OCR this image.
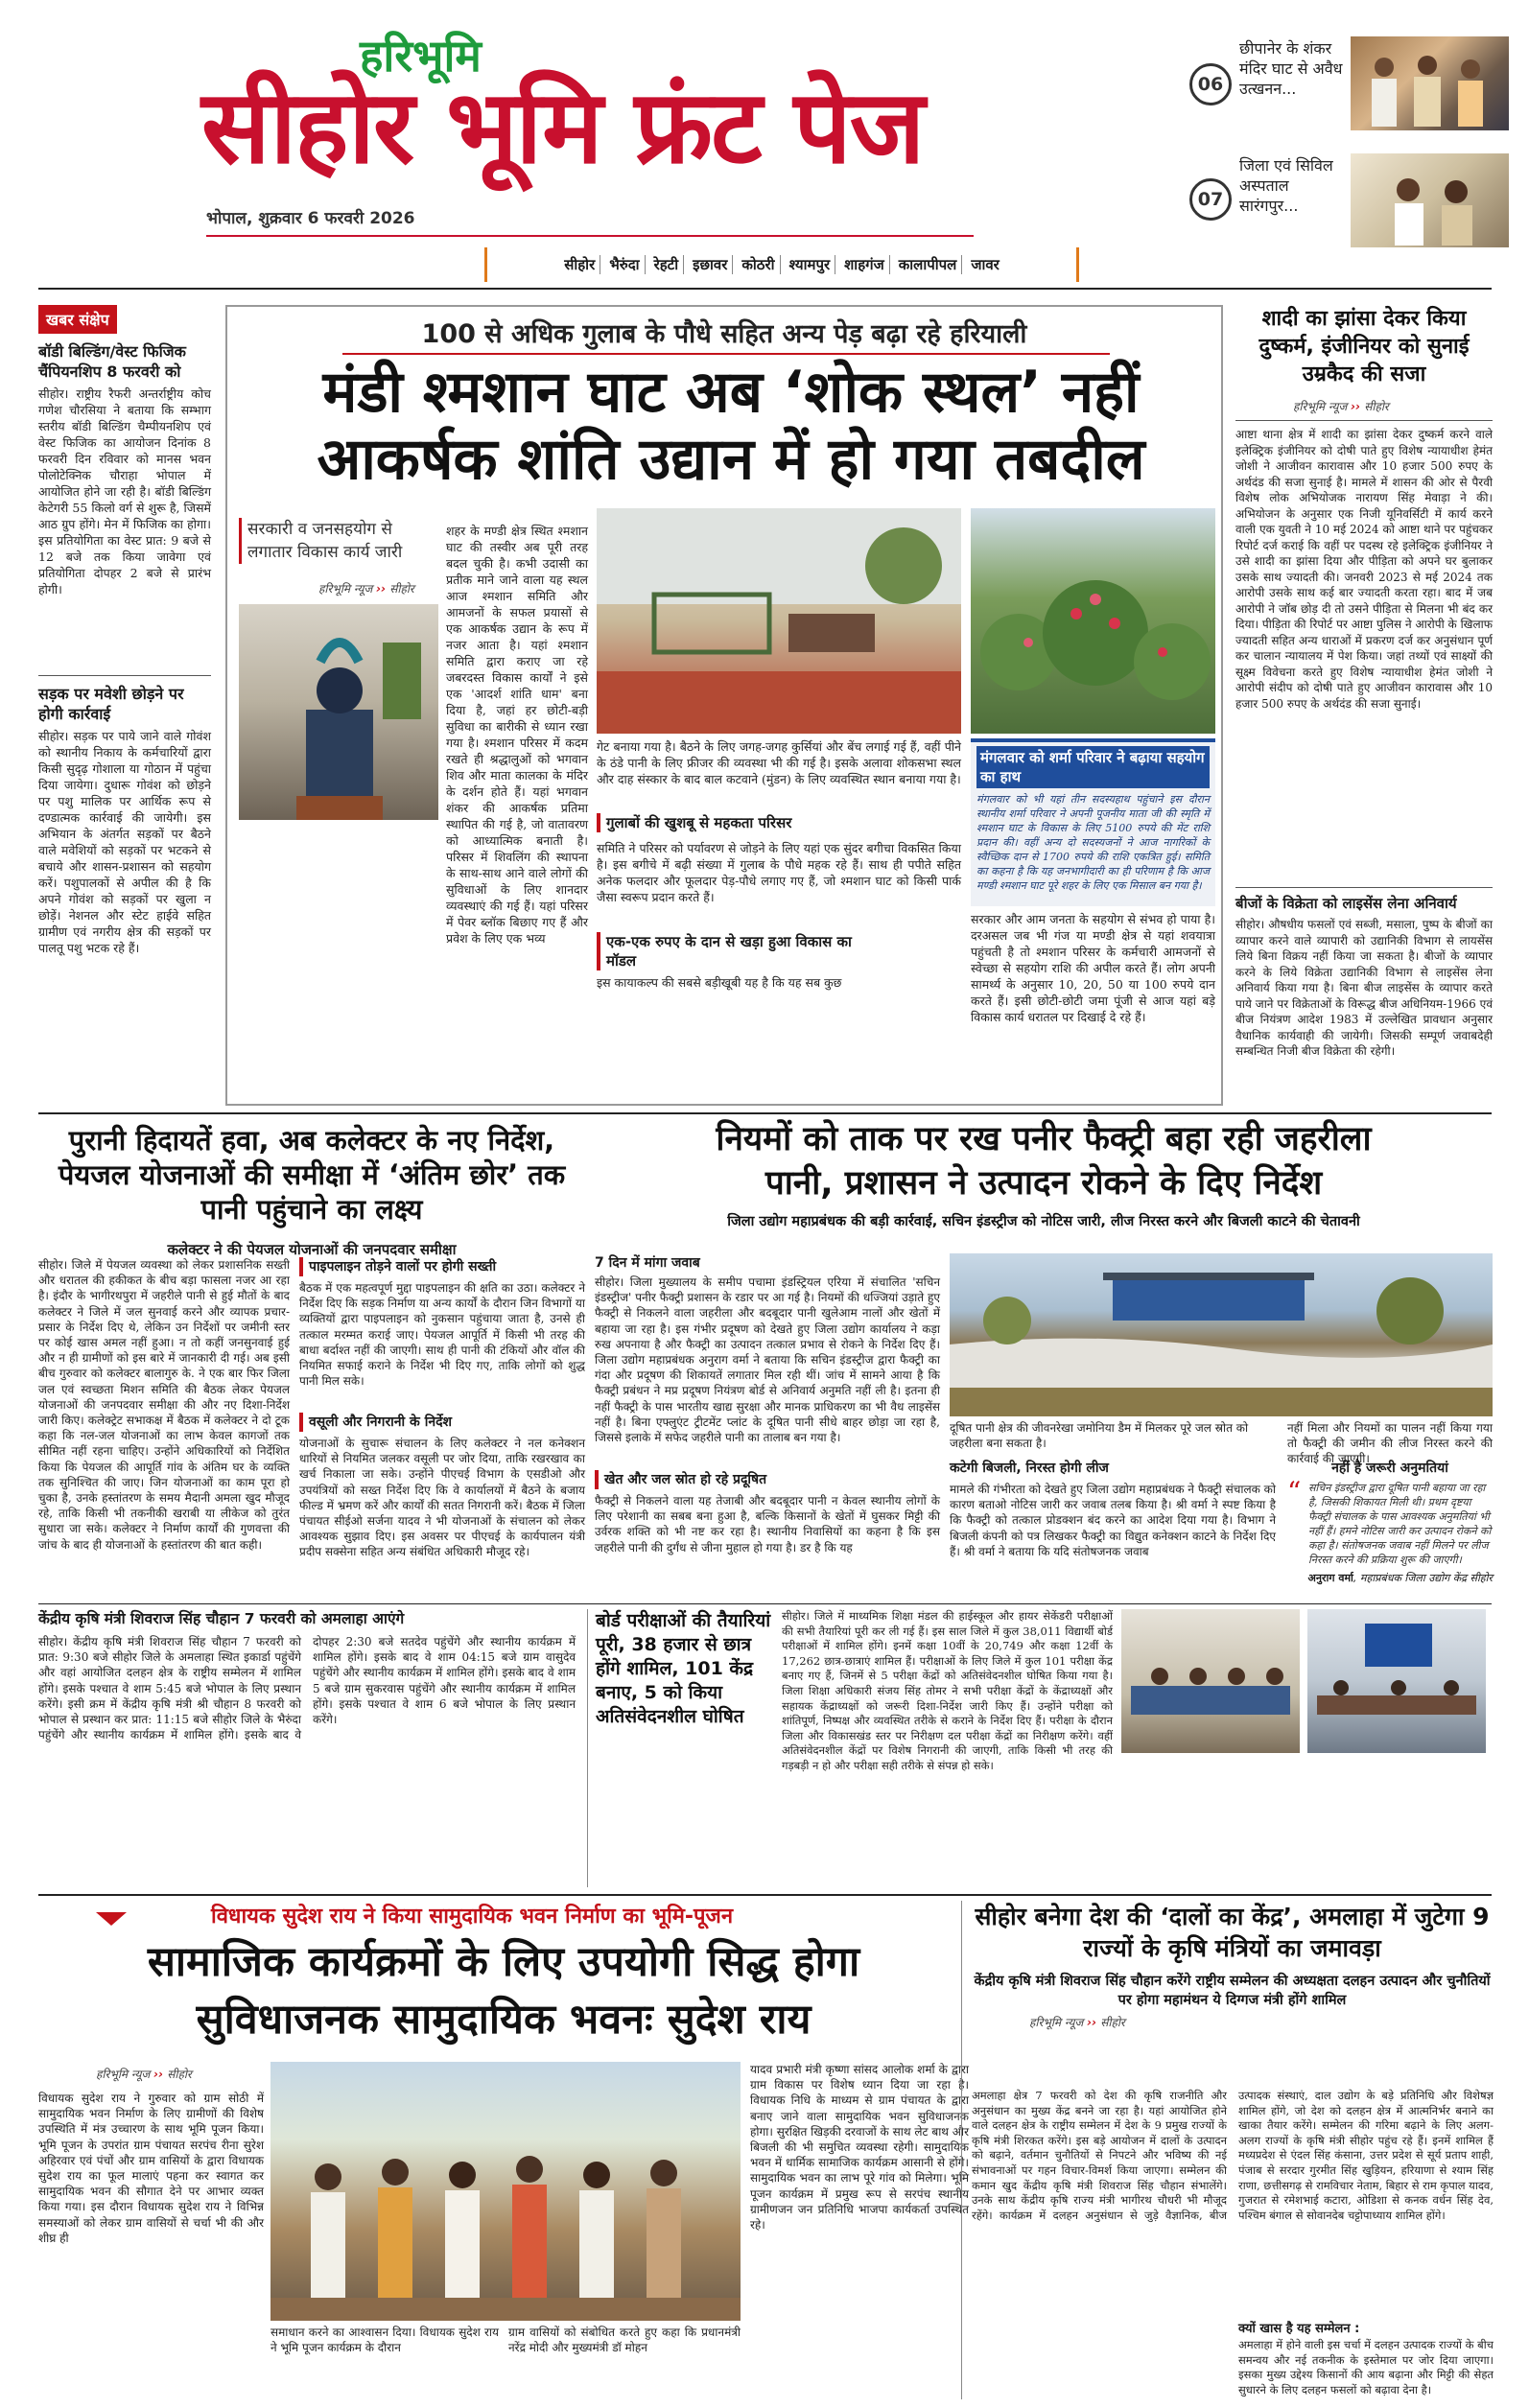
हरिभूमि
सीहोर भूमि फ्रंट पेज
भोपाल, शुक्रवार 6 फरवरी 2026
06
छीपानेर के शंकर मंदिर घाट से अवैध उत्खनन...
07
जिला एवं सिविल अस्पताल सारंगपुर...
सीहोर	भैरुंदा	रेहटी	इछावर	कोठरी	श्यामपुर	शाहगंज	कालापीपल	जावर
खबर संक्षेप
बॉडी बिल्डिंग/वेस्ट फिजिक चैंपियनशिप 8 फरवरी को
सीहोर। राष्ट्रीय रैफरी अन्तर्राष्ट्रीय कोच गणेश चौरसिया ने बताया कि सम्भाग स्तरीय बॉडी बिल्डिंग चैम्पीयनशिप एवं वेस्ट फिजिक का आयोजन दिनांक 8 फरवरी दिन रविवार को मानस भवन पोलोटेक्निक चौराहा भोपाल में आयोजित होने जा रही है। बॉडी बिल्डिंग केटेगरी 55 किलो वर्ग से शुरू है, जिसमें आठ ग्रुप होंगे। मेन में फिजिक का होगा। इस प्रतियोगिता का वेस्ट प्रात: 9 बजे से 12 बजे तक किया जावेगा एवं प्रतियोगिता दोपहर 2 बजे से प्रारंभ होगी।
सड़क पर मवेशी छोड़ने पर होगी कार्रवाई
सीहोर। सड़क पर पाये जाने वाले गोवंश को स्थानीय निकाय के कर्मचारियों द्वारा किसी सुदृढ़ गोशाला या गोठान में पहुंचा दिया जायेगा। दुधारू गोवंश को छोड़ने पर पशु मालिक पर आर्थिक रूप से दण्डात्मक कार्रवाई की जायेगी। इस अभियान के अंतर्गत सड़कों पर बैठने वाले मवेशियों को सड़कों पर भटकने से बचाये और शासन-प्रशासन को सहयोग करें। पशुपालकों से अपील की है कि अपने गोवंश को सड़कों पर खुला न छोड़ें। नेशनल और स्टेट हाईवे सहित ग्रामीण एवं नगरीय क्षेत्र की सड़कों पर पालतू पशु भटक रहे हैं।
100 से अधिक गुलाब के पौधे सहित अन्य पेड़ बढ़ा रहे हरियाली
मंडी श्मशान घाट अब ‘शोक स्थल’ नहीं
आकर्षक शांति उद्यान में हो गया तबदील
सरकारी व जनसहयोग से लगातार विकास कार्य जारी
हरिभूमि न्यूज ›› सीहोर
शहर के मण्डी क्षेत्र स्थित श्मशान घाट की तस्वीर अब पूरी तरह बदल चुकी है। कभी उदासी का प्रतीक माने जाने वाला यह स्थल आज श्मशान समिति और आमजनों के सफल प्रयासों से एक आकर्षक उद्यान के रूप में नजर आता है। यहां श्मशान समिति द्वारा कराए जा रहे जबरदस्त विकास कार्यों ने इसे एक 'आदर्श शांति धाम' बना दिया है, जहां हर छोटी-बड़ी सुविधा का बारीकी से ध्यान रखा गया है। श्मशान परिसर में कदम रखते ही श्रद्धालुओं को भगवान शिव और माता कालका के मंदिर के दर्शन होते हैं। यहां भगवान शंकर की आकर्षक प्रतिमा स्थापित की गई है, जो वातावरण को आध्यात्मिक बनाती है। परिसर में शिवलिंग की स्थापना के साथ-साथ आने वाले लोगों की सुविधाओं के लिए शानदार व्यवस्थाएं की गई हैं। यहां परिसर में पेवर ब्लॉक बिछाए गए हैं और प्रवेश के लिए एक भव्य
गेट बनाया गया है। बैठने के लिए जगह-जगह कुर्सियां और बेंच लगाई गई हैं, वहीं पीने के ठंडे पानी के लिए फ्रीजर की व्यवस्था भी की गई है। इसके अलावा शोकसभा स्थल और दाह संस्कार के बाद बाल कटवाने (मुंडन) के लिए व्यवस्थित स्थान बनाया गया है।
गुलाबों की खुशबू से महकता परिसर
समिति ने परिसर को पर्यावरण से जोड़ने के लिए यहां एक सुंदर बगीचा विकसित किया है। इस बगीचे में बढ़ी संख्या में गुलाब के पौधे महक रहे हैं। साथ ही पपीते सहित अनेक फलदार और फूलदार पेड़-पौधे लगाए गए हैं, जो श्मशान घाट को किसी पार्क जैसा स्वरूप प्रदान करते हैं।
एक-एक रुपए के दान से खड़ा हुआ विकास का मॉडल
इस कायाकल्प की सबसे बड़ीखूबी यह है कि यह सब कुछ
मंगलवार को शर्मा परिवार ने बढ़ाया सहयोग का हाथ
मंगलवार को भी यहां तीन सदस्यहाथ पहुंचाने इस दौरान स्थानीय शर्मा परिवार ने अपनी पूजनीय माता जी की स्मृति में श्मशान घाट के विकास के लिए 5100 रुपये की मेंट राशि प्रदान की। वहीं अन्य दो सदस्यजनों ने आज नागरिकों के स्वैच्छिक दान से 1700 रुपये की राशि एकत्रित हुई। समिति का कहना है कि यह जनभागीदारी का ही परिणाम है कि आज मण्डी श्मशान घाट पूरे शहर के लिए एक मिसाल बन गया है।
सरकार और आम जनता के सहयोग से संभव हो पाया है। दरअसल जब भी गंज या मण्डी क्षेत्र से यहां शवयात्रा पहुंचती है तो श्मशान परिसर के कर्मचारी आमजनों से स्वेच्छा से सहयोग राशि की अपील करते हैं। लोग अपनी सामर्थ्य के अनुसार 10, 20, 50 या 100 रुपये दान करते हैं। इसी छोटी-छोटी जमा पूंजी से आज यहां बड़े विकास कार्य धरातल पर दिखाई दे रहे हैं।
शादी का झांसा देकर किया दुष्कर्म, इंजीनियर को सुनाई उम्रकैद की सजा
हरिभूमि न्यूज ›› सीहोर
आष्टा थाना क्षेत्र में शादी का झांसा देकर दुष्कर्म करने वाले इलेक्ट्रिक इंजीनियर को दोषी पाते हुए विशेष न्यायाधीश हेमंत जोशी ने आजीवन कारावास और 10 हजार 500 रुपए के अर्थदंड की सजा सुनाई है। मामले में शासन की ओर से पैरवी विशेष लोक अभियोजक नारायण सिंह मेवाड़ा ने की। अभियोजन के अनुसार एक निजी यूनिवर्सिटी में कार्य करने वाली एक युवती ने 10 मई 2024 को आष्टा थाने पर पहुंचकर रिपोर्ट दर्ज कराई कि वहीं पर पदस्थ रहे इलेक्ट्रिक इंजीनियर ने उसे शादी का झांसा दिया और पीड़िता को अपने घर बुलाकर उसके साथ ज्यादती की। जनवरी 2023 से मई 2024 तक आरोपी उसके साथ कई बार ज्यादती करता रहा। बाद में जब आरोपी ने जॉब छोड़ दी तो उसने पीड़िता से मिलना भी बंद कर दिया। पीड़िता की रिपोर्ट पर आष्टा पुलिस ने आरोपी के खिलाफ ज्यादती सहित अन्य धाराओं में प्रकरण दर्ज कर अनुसंधान पूर्ण कर चालान न्यायालय में पेश किया। जहां तथ्यों एवं साक्ष्यों की सूक्ष्म विवेचना करते हुए विशेष न्यायाधीश हेमंत जोशी ने आरोपी संदीप को दोषी पाते हुए आजीवन कारावास और 10 हजार 500 रुपए के अर्थदंड की सजा सुनाई।
बीजों के विक्रेता को लाइसेंस लेना अनिवार्य
सीहोर। औषधीय फसलों एवं सब्जी, मसाला, पुष्प के बीजों का व्यापार करने वाले व्यापारी को उद्यानिकी विभाग से लायसेंस लिये बिना विक्रय नहीं किया जा सकता है। बीजों के व्यापार करने के लिये विक्रेता उद्यानिकी विभाग से लाइसेंस लेना अनिवार्य किया गया है। बिना बीज लाइसेंस के व्यापार करते पाये जाने पर विक्रेताओं के विरूद्ध बीज अधिनियम-1966 एवं बीज नियंत्रण आदेश 1983 में उल्लेखित प्रावधान अनुसार वैधानिक कार्यवाही की जायेगी। जिसकी सम्पूर्ण जवाबदेही सम्बन्धित निजी बीज विक्रेता की रहेगी।
पुरानी हिदायतें हवा, अब कलेक्टर के नए निर्देश, पेयजल योजनाओं की समीक्षा में ‘अंतिम छोर’ तक पानी पहुंचाने का लक्ष्य
कलेक्टर ने की पेयजल योजनाओं की जनपदवार समीक्षा
सीहोर। जिले में पेयजल व्यवस्था को लेकर प्रशासनिक सख्ती और धरातल की हकीकत के बीच बड़ा फासला नजर आ रहा है। इंदौर के भागीरथपुरा में जहरीले पानी से हुई मौतों के बाद कलेक्टर ने जिले में जल सुनवाई करने और व्यापक प्रचार-प्रसार के निर्देश दिए थे, लेकिन उन निर्देशों पर जमीनी स्तर पर कोई खास अमल नहीं हुआ। न तो कहीं जनसुनवाई हुई और न ही ग्रामीणों को इस बारे में जानकारी दी गई। अब इसी बीच गुरुवार को कलेक्टर बालागुरु के. ने एक बार फिर जिला जल एवं स्वच्छता मिशन समिति की बैठक लेकर पेयजल योजनाओं की जनपदवार समीक्षा की और नए दिशा-निर्देश जारी किए। कलेक्ट्रेट सभाकक्ष में बैठक में कलेक्टर ने दो टूक कहा कि नल-जल योजनाओं का लाभ केवल कागजों तक सीमित नहीं रहना चाहिए। उन्होंने अधिकारियों को निर्देशित किया कि पेयजल की आपूर्ति गांव के अंतिम घर के व्यक्ति तक सुनिश्चित की जाए। जिन योजनाओं का काम पूरा हो चुका है, उनके हस्तांतरण के समय मैदानी अमला खुद मौजूद रहे, ताकि किसी भी तकनीकी खराबी या लीकेज को तुरंत सुधारा जा सके। कलेक्टर ने निर्माण कार्यों की गुणवत्ता की जांच के बाद ही योजनाओं के हस्तांतरण की बात कही।
पाइपलाइन तोड़ने वालों पर होगी सख्ती
बैठक में एक महत्वपूर्ण मुद्दा पाइपलाइन की क्षति का उठा। कलेक्टर ने निर्देश दिए कि सड़क निर्माण या अन्य कार्यों के दौरान जिन विभागों या व्यक्तियों द्वारा पाइपलाइन को नुकसान पहुंचाया जाता है, उनसे ही तत्काल मरम्मत कराई जाए। पेयजल आपूर्ति में किसी भी तरह की बाधा बर्दाश्त नहीं की जाएगी। साथ ही पानी की टंकियों और वॉल की नियमित सफाई कराने के निर्देश भी दिए गए, ताकि लोगों को शुद्ध पानी मिल सके।
वसूली और निगरानी के निर्देश
योजनाओं के सुचारू संचालन के लिए कलेक्टर ने नल कनेक्शन धारियों से नियमित जलकर वसूली पर जोर दिया, ताकि रखरखाव का खर्च निकाला जा सके। उन्होंने पीएचई विभाग के एसडीओ और उपयंत्रियों को सख्त निर्देश दिए कि वे कार्यालयों में बैठने के बजाय फील्ड में भ्रमण करें और कार्यों की सतत निगरानी करें। बैठक में जिला पंचायत सीईओ सर्जना यादव ने भी योजनाओं के संचालन को लेकर आवश्यक सुझाव दिए। इस अवसर पर पीएचई के कार्यपालन यंत्री प्रदीप सक्सेना सहित अन्य संबंधित अधिकारी मौजूद रहे।
नियमों को ताक पर रख पनीर फैक्ट्री बहा रही जहरीला
पानी, प्रशासन ने उत्पादन रोकने के दिए निर्देश
जिला उद्योग महाप्रबंधक की बड़ी कार्रवाई, सचिन इंडस्ट्रीज को नोटिस जारी, लीज निरस्त करने और बिजली काटने की चेतावनी
7 दिन में मांगा जवाब
सीहोर। जिला मुख्यालय के समीप पचामा इंडस्ट्रियल एरिया में संचालित 'सचिन इंडस्ट्रीज' पनीर फैक्ट्री प्रशासन के रडार पर आ गई है। नियमों की धज्जियां उड़ाते हुए फैक्ट्री से निकलने वाला जहरीला और बदबूदार पानी खुलेआम नालों और खेतों में बहाया जा रहा है। इस गंभीर प्रदूषण को देखते हुए जिला उद्योग कार्यालय ने कड़ा रुख अपनाया है और फैक्ट्री का उत्पादन तत्काल प्रभाव से रोकने के निर्देश दिए हैं। जिला उद्योग महाप्रबंधक अनुराग वर्मा ने बताया कि सचिन इंडस्ट्रीज द्वारा फैक्ट्री का गंदा और प्रदूषण की शिकायतें लगातार मिल रही थीं। जांच में सामने आया है कि फैक्ट्री प्रबंधन ने मप्र प्रदूषण नियंत्रण बोर्ड से अनिवार्य अनुमति नहीं ली है। इतना ही नहीं फैक्ट्री के पास भारतीय खाद्य सुरक्षा और मानक प्राधिकरण का भी वैध लाइसेंस नहीं है। बिना एफ्लुएंट ट्रीटमेंट प्लांट के दूषित पानी सीधे बाहर छोड़ा जा रहा है, जिससे इलाके में सफेद जहरीले पानी का तालाब बन गया है।
खेत और जल स्रोत हो रहे प्रदूषित
फैक्ट्री से निकलने वाला यह तेजाबी और बदबूदार पानी न केवल स्थानीय लोगों के लिए परेशानी का सबब बना हुआ है, बल्कि किसानों के खेतों में घुसकर मिट्टी की उर्वरक शक्ति को भी नष्ट कर रहा है। स्थानीय निवासियों का कहना है कि इस जहरीले पानी की दुर्गंध से जीना मुहाल हो गया है। डर है कि यह
दूषित पानी क्षेत्र की जीवनरेखा जमोनिया डैम में मिलकर पूरे जल स्रोत को जहरीला बना सकता है।
कटेगी बिजली, निरस्त होगी लीज
मामले की गंभीरता को देखते हुए जिला उद्योग महाप्रबंधक ने फैक्ट्री संचालक को कारण बताओ नोटिस जारी कर जवाब तलब किया है। श्री वर्मा ने स्पष्ट किया है कि फैक्ट्री को तत्काल प्रोडक्शन बंद करने का आदेश दिया गया है। विभाग ने बिजली कंपनी को पत्र लिखकर फैक्ट्री का विद्युत कनेक्शन काटने के निर्देश दिए हैं। श्री वर्मा ने बताया कि यदि संतोषजनक जवाब
नहीं मिला और नियमों का पालन नहीं किया गया तो फैक्ट्री की जमीन की लीज निरस्त करने की कार्रवाई की जाएगी।
नहीं है जरूरी अनुमतियां
“ सचिन इंडस्ट्रीज द्वारा दूषित पानी बहाया जा रहा है, जिसकी शिकायत मिली थी। प्रथम दृष्टया फैक्ट्री संचालक के पास आवश्यक अनुमतियां भी नहीं हैं। हमने नोटिस जारी कर उत्पादन रोकने को कहा है। संतोषजनक जवाब नहीं मिलने पर लीज निरस्त करने की प्रक्रिया शुरू की जाएगी।
अनुराग वर्मा, महाप्रबंधक जिला उद्योग केंद्र सीहोर
केंद्रीय कृषि मंत्री शिवराज सिंह चौहान 7 फरवरी को अमलाहा आएंगे
सीहोर। केंद्रीय कृषि मंत्री शिवराज सिंह चौहान 7 फरवरी को प्रात: 9:30 बजे सीहोर जिले के अमलाहा स्थित इकार्डा पहुंचेंगे और वहां आयोजित दलहन क्षेत्र के राष्ट्रीय सम्मेलन में शामिल होंगे। इसके पश्चात वे शाम 5:45 बजे भोपाल के लिए प्रस्थान करेंगे। इसी क्रम में केंद्रीय कृषि मंत्री श्री चौहान 8 फरवरी को भोपाल से प्रस्थान कर प्रात: 11:15 बजे सीहोर जिले के भैरुंदा पहुंचेंगे और स्थानीय कार्यक्रम में शामिल होंगे। इसके बाद वे दोपहर 2:30 बजे सतदेव पहुंचेंगे और स्थानीय कार्यक्रम में शामिल होंगे। इसके बाद वे शाम 04:15 बजे ग्राम वासुदेव पहुंचेंगे और स्थानीय कार्यक्रम में शामिल होंगे। इसके बाद वे शाम 5 बजे ग्राम सुकरवास पहुंचेंगे और स्थानीय कार्यक्रम में शामिल होंगे। इसके पश्चात वे शाम 6 बजे भोपाल के लिए प्रस्थान करेंगे।
बोर्ड परीक्षाओं की तैयारियां पूरी, 38 हजार से छात्र होंगे शामिल, 101 केंद्र बनाए, 5 को किया अतिसंवेदनशील घोषित
सीहोर। जिले में माध्यमिक शिक्षा मंडल की हाईस्कूल और हायर सेकेंडरी परीक्षाओं की सभी तैयारियां पूरी कर ली गई हैं। इस साल जिले में कुल 38,011 विद्यार्थी बोर्ड परीक्षाओं में शामिल होंगे। इनमें कक्षा 10वीं के 20,749 और कक्षा 12वीं के 17,262 छात्र-छात्राएं शामिल हैं। परीक्षाओं के लिए जिले में कुल 101 परीक्षा केंद्र बनाए गए हैं, जिनमें से 5 परीक्षा केंद्रों को अतिसंवेदनशील घोषित किया गया है। जिला शिक्षा अधिकारी संजय सिंह तोमर ने सभी परीक्षा केंद्रों के केंद्राध्यक्षों और सहायक केंद्राध्यक्षों को जरूरी दिशा-निर्देश जारी किए हैं। उन्होंने परीक्षा को शांतिपूर्ण, निष्पक्ष और व्यवस्थित तरीके से कराने के निर्देश दिए हैं। परीक्षा के दौरान जिला और विकासखंड स्तर पर निरीक्षण दल परीक्षा केंद्रों का निरीक्षण करेंगे। वहीं अतिसंवेदनशील केंद्रों पर विशेष निगरानी की जाएगी, ताकि किसी भी तरह की गड़बड़ी न हो और परीक्षा सही तरीके से संपन्न हो सके।
विधायक सुदेश राय ने किया सामुदायिक भवन निर्माण का भूमि-पूजन
सामाजिक कार्यक्रमों के लिए उपयोगी सिद्ध होगा
सुविधाजनक सामुदायिक भवनः सुदेश राय
हरिभूमि न्यूज ›› सीहोर
विधायक सुदेश राय ने गुरुवार को ग्राम सोठी में सामुदायिक भवन निर्माण के लिए ग्रामीणों की विशेष उपस्थिति में मंत्र उच्चारण के साथ भूमि पूजन किया। भूमि पूजन के उपरांत ग्राम पंचायत सरपंच रीना सुरेश अहिरवार एवं पंचों और ग्राम वासियों के द्वारा विधायक सुदेश राय का फूल मालाएं पहना कर स्वागत कर सामुदायिक भवन की सौगात देने पर आभार व्यक्त किया गया। इस दौरान विधायक सुदेश राय ने विभिन्न समस्याओं को लेकर ग्राम वासियों से चर्चा भी की और शीघ्र ही
समाधान करने का आश्वासन दिया। विधायक सुदेश राय ने भूमि पूजन कार्यक्रम के दौरान
ग्राम वासियों को संबोधित करते हुए कहा कि प्रधानमंत्री नरेंद्र मोदी और मुख्यमंत्री डॉ मोहन
यादव प्रभारी मंत्री कृष्णा सांसद आलोक शर्मा के द्वारा ग्राम विकास पर विशेष ध्यान दिया जा रहा है। विधायक निधि के माध्यम से ग्राम पंचायत के द्वारा बनाए जाने वाला सामुदायिक भवन सुविधाजनक होगा। सुरक्षित खिड़की दरवाजों के साथ लेट बाथ और बिजली की भी समुचित व्यवस्था रहेगी। सामुदायिक भवन में धार्मिक सामाजिक कार्यक्रम आसानी से होंगे। सामुदायिक भवन का लाभ पूरे गांव को मिलेगा। भूमि पूजन कार्यक्रम में प्रमुख रूप से सरपंच स्थानीय ग्रामीणजन जन प्रतिनिधि भाजपा कार्यकर्ता उपस्थित रहे।
सीहोर बनेगा देश की ‘दालों का केंद्र’, अमलाहा में जुटेगा 9 राज्यों के कृषि मंत्रियों का जमावड़ा
केंद्रीय कृषि मंत्री शिवराज सिंह चौहान करेंगे राष्ट्रीय सम्मेलन की अध्यक्षता दलहन उत्पादन और चुनौतियों पर होगा महामंथन ये दिग्गज मंत्री होंगे शामिल
हरिभूमि न्यूज ›› सीहोर
अमलाहा क्षेत्र 7 फरवरी को देश की कृषि राजनीति और अनुसंधान का मुख्य केंद्र बनने जा रहा है। यहां आयोजित होने वाले दलहन क्षेत्र के राष्ट्रीय सम्मेलन में देश के 9 प्रमुख राज्यों के कृषि मंत्री शिरकत करेंगे। इस बड़े आयोजन में दालों के उत्पादन को बढ़ाने, वर्तमान चुनौतियों से निपटने और भविष्य की नई संभावनाओं पर गहन विचार-विमर्श किया जाएगा। सम्मेलन की कमान खुद केंद्रीय कृषि मंत्री शिवराज सिंह चौहान संभालेंगे। उनके साथ केंद्रीय कृषि राज्य मंत्री भागीरथ चौधरी भी मौजूद रहेंगे। कार्यक्रम में दलहन अनुसंधान से जुड़े वैज्ञानिक, बीज उत्पादक संस्थाएं, दाल उद्योग के बड़े प्रतिनिधि और विशेषज्ञ शामिल होंगे, जो देश को दलहन क्षेत्र में आत्मनिर्भर बनाने का खाका तैयार करेंगे। सम्मेलन की गरिमा बढ़ाने के लिए अलग-अलग राज्यों के कृषि मंत्री सीहोर पहुंच रहे हैं। इनमें शामिल हैं मध्यप्रदेश से एंदल सिंह कंसाना, उत्तर प्रदेश से सूर्य प्रताप शाही, पंजाब से सरदार गुरमीत सिंह खुड़ियन, हरियाणा से श्याम सिंह राणा, छत्तीसगढ़ से रामविचार नेताम, बिहार से राम कृपाल यादव, गुजरात से रमेशभाई कटारा, ओडिशा से कनक वर्धन सिंह देव, पश्चिम बंगाल से सोवानदेब चट्टोपाध्याय शामिल होंगे।
क्यों खास है यह सम्मेलन :
अमलाहा में होने वाली इस चर्चा में दलहन उत्पादक राज्यों के बीच समन्वय और नई तकनीक के इस्तेमाल पर जोर दिया जाएगा। इसका मुख्य उद्देश्य किसानों की आय बढ़ाना और मिट्टी की सेहत सुधारने के लिए दलहन फसलों को बढ़ावा देना है।
